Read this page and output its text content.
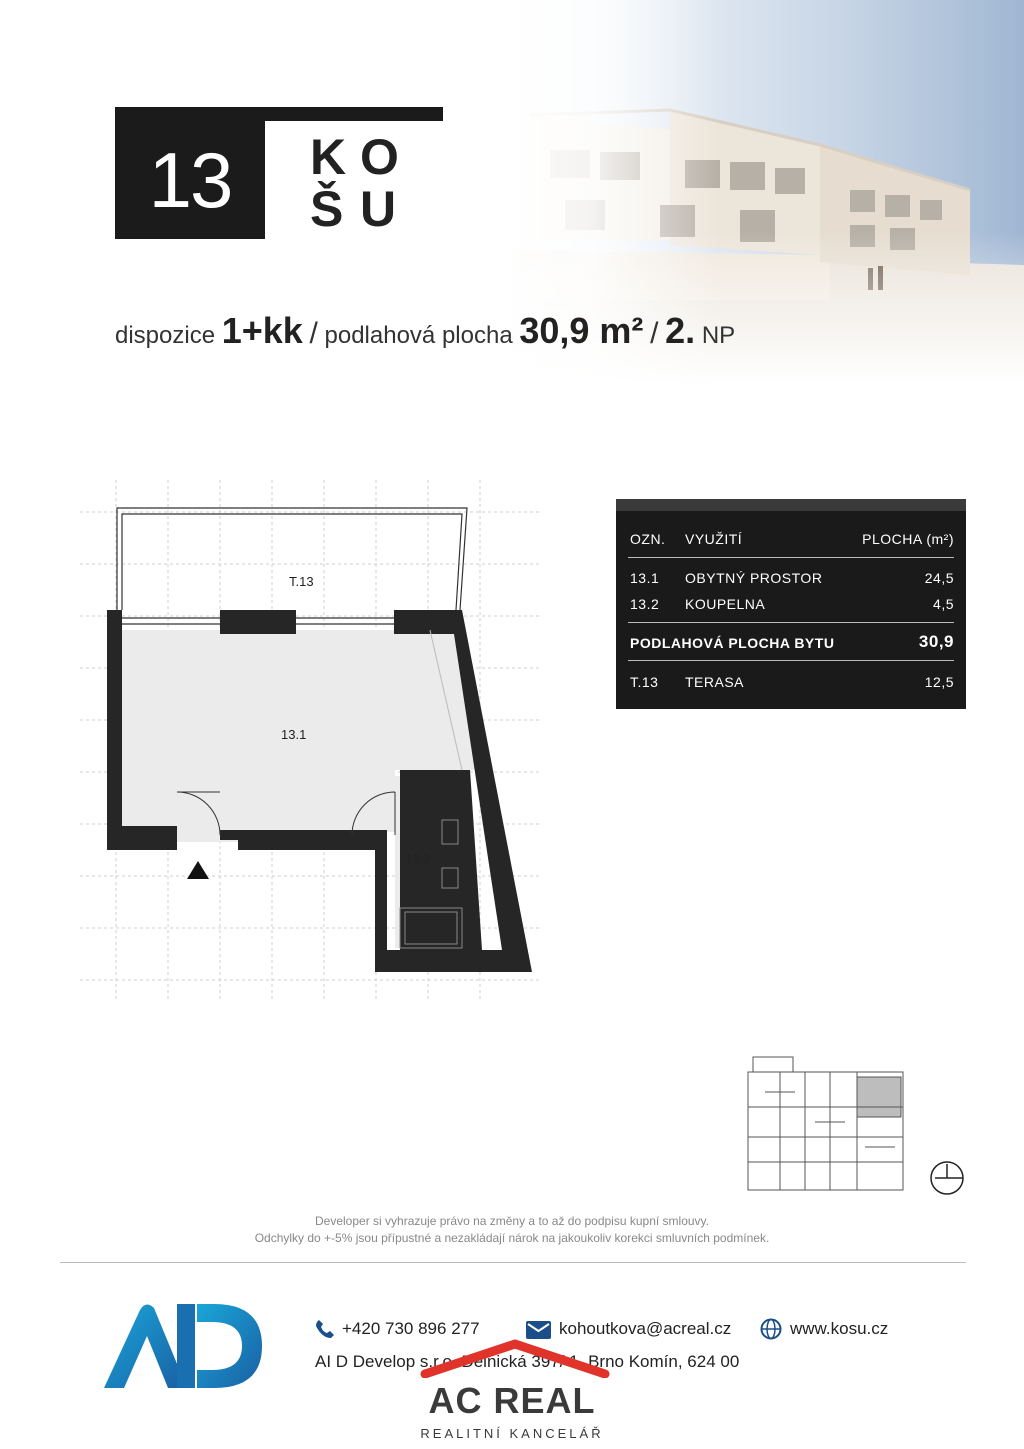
13	K O
Š U
dispozice 1+kk / podlahová plocha 30,9 m² / 2. NP
T.13
13.1
13.2
OZN. VYUŽITÍ	PLOCHA (m²)
13.1 OBYTNÝ PROSTOR	24,5
13.2 KOUPELNA	4,5
PODLAHOVÁ PLOCHA BYTU	30,9
T.13 TERASA	12,5
Developer si vyhrazuje právo na změny a to až do podpisu kupní smlouvy.
Odchylky do +-5% jsou přípustné a nezakládají nárok na jakoukoliv korekci smluvních podmínek.
+420 730 896 277	kohoutkova@acreal.cz	www.kosu.cz
AI D Develop s.r.o. Dělnická 397/ 1, Brno Komín, 624 00
AC REAL
REALITNÍ KANCELÁŘ
